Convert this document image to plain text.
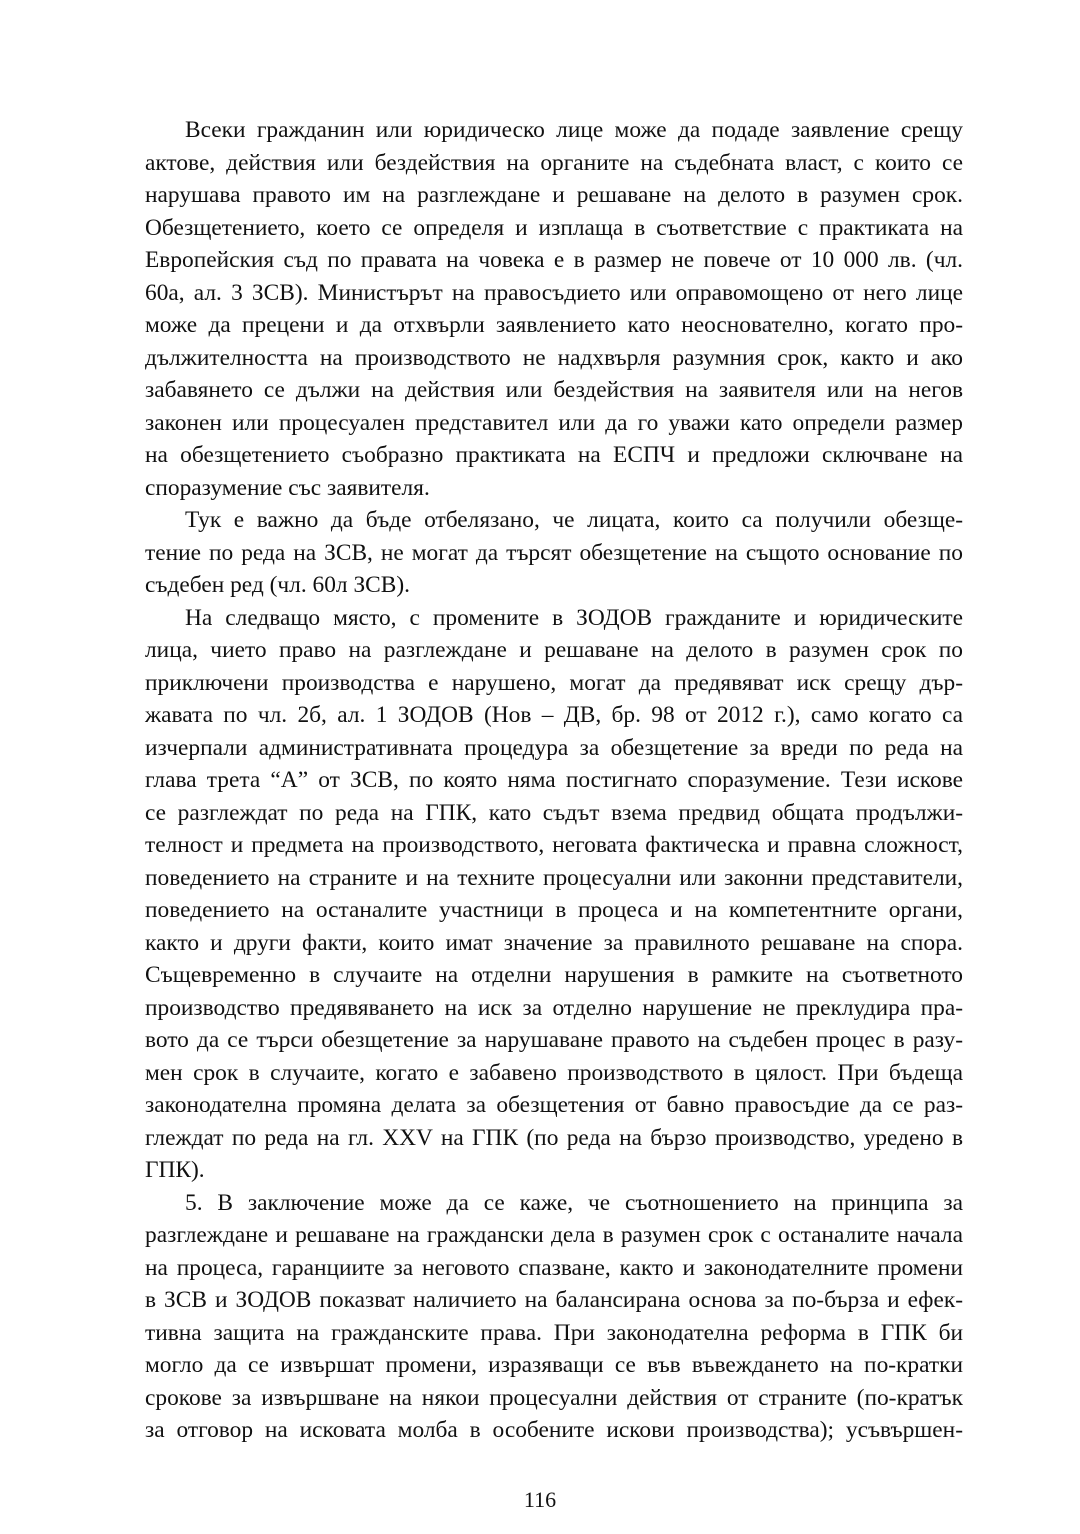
Всеки гражданин или юридическо лице може да подаде заявление срещу
актове, действия или бездействия на органите на съдебната власт, с които се
нарушава правото им на разглеждане и решаване на делото в разумен срок.
Обезщетението, което се определя и изплаща в съответствие с практиката на
Европейския съд по правата на човека е в размер не повече от 10 000 лв. (чл.
60а, ал. 3 ЗСВ). Министърът на правосъдието или оправомощено от него лице
може да прецени и да отхвърли заявлението като неоснователно, когато про-
дължителността на производството не надхвърля разумния срок, както и ако
забавянето се дължи на действия или бездействия на заявителя или на негов
законен или процесуален представител или да го уважи като определи размер
на обезщетението съобразно практиката на ЕСПЧ и предложи сключване на
споразумение със заявителя.
Тук е важно да бъде отбелязано, че лицата, които са получили обезще-
тение по реда на ЗСВ, не могат да търсят обезщетение на същото основание по
съдебен ред (чл. 60л ЗСВ).
На следващо място, с промените в ЗОДОВ гражданите и юридическите
лица, чието право на разглеждане и решаване на делото в разумен срок по
приключени производства е нарушено, могат да предявяват иск срещу дър-
жавата по чл. 2б, ал. 1 ЗОДОВ (Нов – ДВ, бр. 98 от 2012 г.), само когато са
изчерпали административната процедура за обезщетение за вреди по реда на
глава трета “А” от ЗСВ, по която няма постигнато споразумение. Тези искове
се разглеждат по реда на ГПК, като съдът взема предвид общата продължи-
телност и предмета на производството, неговата фактическа и правна сложност,
поведението на страните и на техните процесуални или законни представители,
поведението на останалите участници в процеса и на компетентните органи,
както и други факти, които имат значение за правилното решаване на спора.
Същевременно в случаите на отделни нарушения в рамките на съответното
производство предявяването на иск за отделно нарушение не преклудира пра-
вото да се търси обезщетение за нарушаване правото на съдебен процес в разу-
мен срок в случаите, когато е забавено производството в цялост. При бъдеща
законодателна промяна делата за обезщетения от бавно правосъдие да се раз-
глеждат по реда на гл. XXV на ГПК (по реда на бързо производство, уредено в
ГПК).
5. В заключение може да се каже, че съотношението на принципа за
разглеждане и решаване на граждански дела в разумен срок с останалите начала
на процеса, гаранциите за неговото спазване, както и законодателните промени
в ЗСВ и ЗОДОВ показват наличието на балансирана основа за по-бърза и ефек-
тивна защита на гражданските права. При законодателна реформа в ГПК би
могло да се извършат промени, изразяващи се във въвеждането на по-кратки
срокове за извършване на някои процесуални действия от страните (по-кратък
за отговор на исковата молба в особените искови производства); усъвършен-
116
